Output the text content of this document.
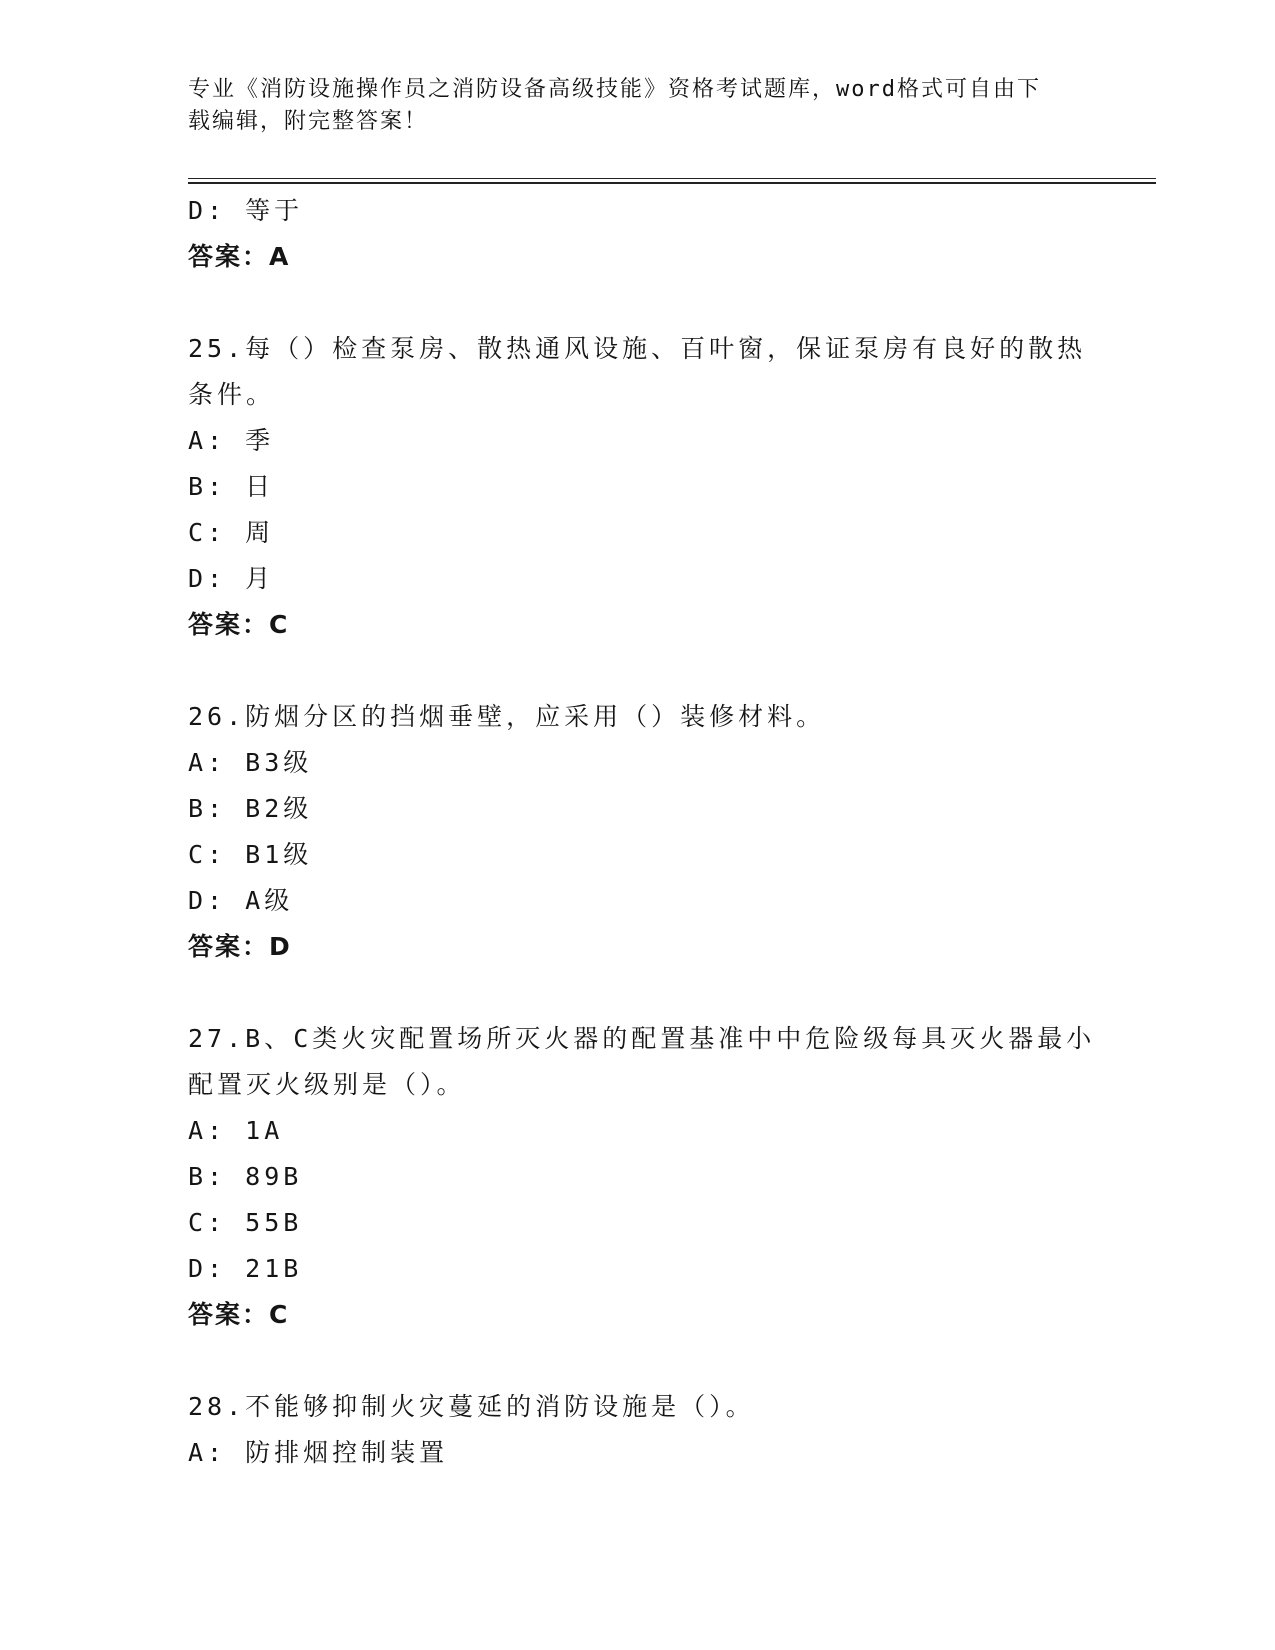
专业《消防设施操作员之消防设备高级技能》资格考试题库，word格式可自由下
载编辑，附完整答案！
D: 等于
答案：A
25.每（）检查泵房、散热通风设施、百叶窗，保证泵房有良好的散热
条件。
A: 季
B: 日
C: 周
D: 月
答案：C
26.防烟分区的挡烟垂壁，应采用（）装修材料。
A: B3级
B: B2级
C: B1级
D: A级
答案：D
27.B、C类火灾配置场所灭火器的配置基准中中危险级每具灭火器最小
配置灭火级别是（）。
A: 1A
B: 89B
C: 55B
D: 21B
答案：C
28.不能够抑制火灾蔓延的消防设施是（）。
A: 防排烟控制装置
